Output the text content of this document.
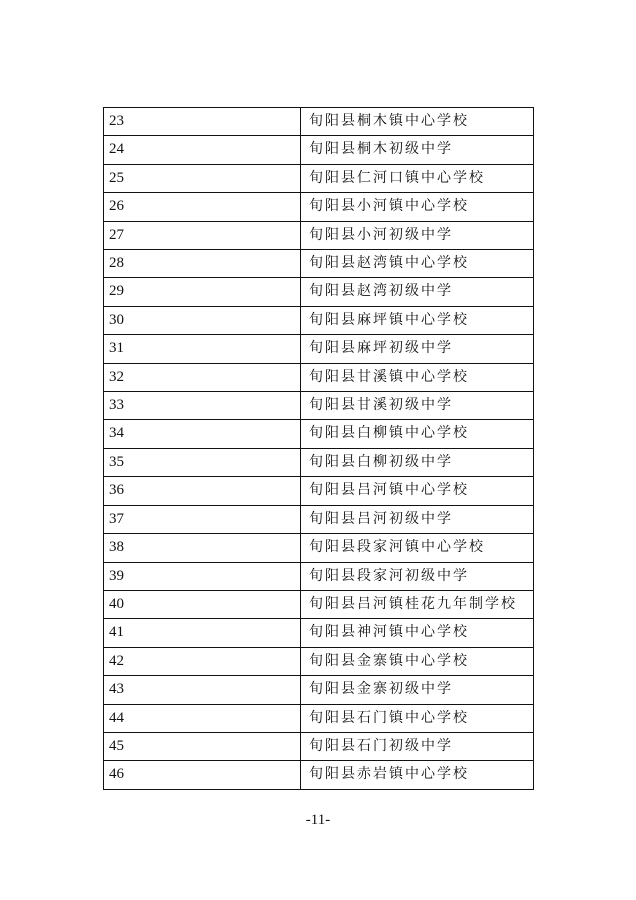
23	旬阳县桐木镇中心学校
24	旬阳县桐木初级中学
25	旬阳县仁河口镇中心学校
26	旬阳县小河镇中心学校
27	旬阳县小河初级中学
28	旬阳县赵湾镇中心学校
29	旬阳县赵湾初级中学
30	旬阳县麻坪镇中心学校
31	旬阳县麻坪初级中学
32	旬阳县甘溪镇中心学校
33	旬阳县甘溪初级中学
34	旬阳县白柳镇中心学校
35	旬阳县白柳初级中学
36	旬阳县吕河镇中心学校
37	旬阳县吕河初级中学
38	旬阳县段家河镇中心学校
39	旬阳县段家河初级中学
40	旬阳县吕河镇桂花九年制学校
41	旬阳县神河镇中心学校
42	旬阳县金寨镇中心学校
43	旬阳县金寨初级中学
44	旬阳县石门镇中心学校
45	旬阳县石门初级中学
46	旬阳县赤岩镇中心学校
-11-
